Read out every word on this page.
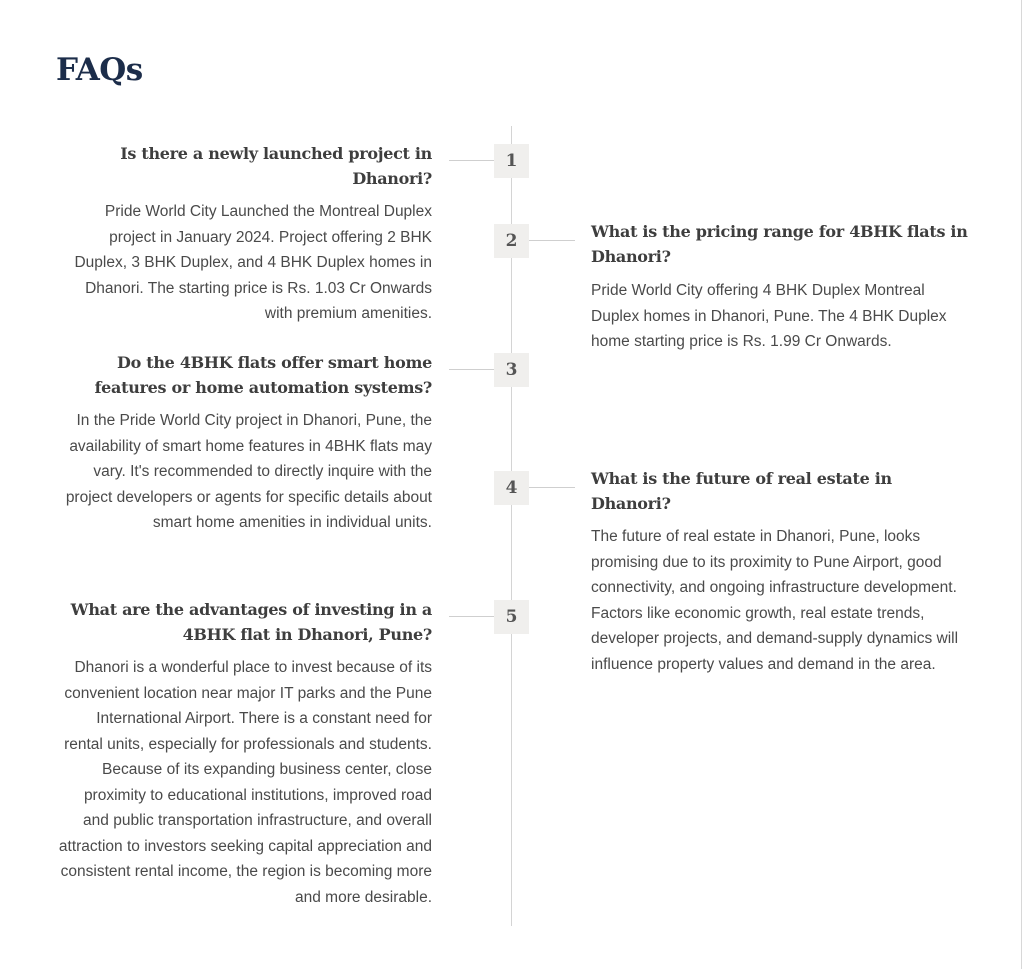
FAQs
1
Is there a newly launched project in Dhanori?

Pride World City Launched the Montreal Duplex project in January 2024. Project offering 2 BHK Duplex, 3 BHK Duplex, and 4 BHK Duplex homes in Dhanori. The starting price is Rs. 1.03 Cr Onwards with premium amenities.

2	What is the pricing range for 4BHK flats in Dhanori?

Pride World City offering 4 BHK Duplex Montreal Duplex homes in Dhanori, Pune. The 4 BHK Duplex home starting price is Rs. 1.99 Cr Onwards.

3
Do the 4BHK flats offer smart home features or home automation systems?

In the Pride World City project in Dhanori, Pune, the availability of smart home features in 4BHK flats may vary. It's recommended to directly inquire with the project developers or agents for specific details about smart home amenities in individual units.

4	What is the future of real estate in Dhanori?

The future of real estate in Dhanori, Pune, looks promising due to its proximity to Pune Airport, good connectivity, and ongoing infrastructure development. Factors like economic growth, real estate trends, developer projects, and demand-supply dynamics will influence property values and demand in the area.

5
What are the advantages of investing in a 4BHK flat in Dhanori, Pune?

Dhanori is a wonderful place to invest because of its convenient location near major IT parks and the Pune International Airport. There is a constant need for rental units, especially for professionals and students. Because of its expanding business center, close proximity to educational institutions, improved road and public transportation infrastructure, and overall attraction to investors seeking capital appreciation and consistent rental income, the region is becoming more and more desirable.
